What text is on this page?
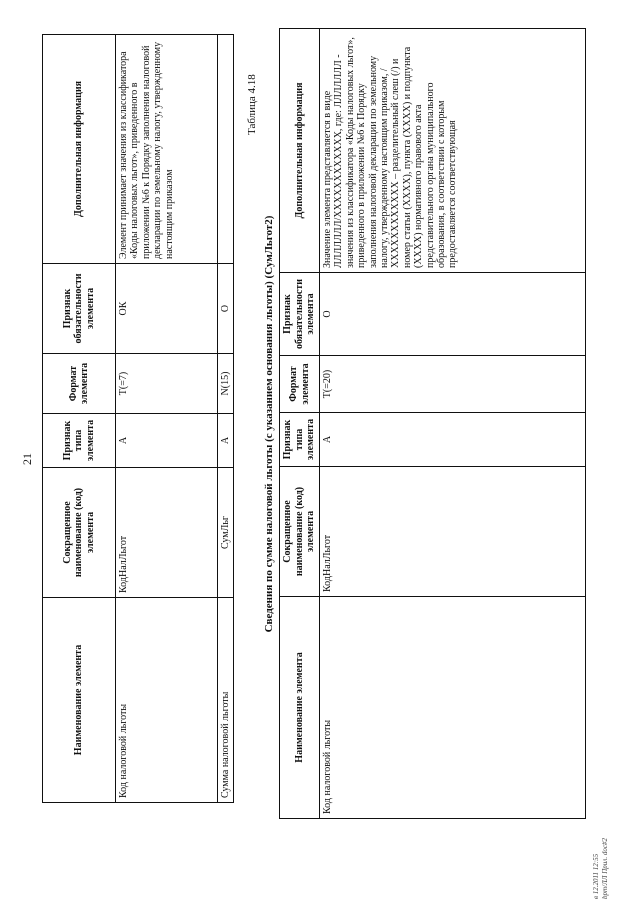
21
Наименование элемента	Сокращенное наименование (код) элемента	Признак типа элемента	Формат элемента	Признак обязательности элемента	Дополнительная информация
Код налоговой льготы	КодНалЛьгот	А	Т(=7)	ОК	Элемент принимает значения из классификатора «Коды налоговых льгот», приведенного в приложении №6 к Порядку заполнения налоговой декларации по земельному налогу, утвержденному настоящим приказом
Сумма налоговой льготы	СумЛьг	А	N(15)	О	
Таблица 4.18
Сведения по сумме налоговой льготы (с указанием основания льготы) (СумЛьгот2)
Наименование элемента	Сокращенное наименование (код) элемента	Признак типа элемента	Формат элемента	Признак обязательности элемента	Дополнительная информация
Код налоговой льготы	КодНалЛьгот	А	Т(=20)	О	Значение элемента представляется в виде ЛЛЛЛЛЛЛ/XXXXXXXXXXXX, где: ЛЛЛЛЛЛЛ - значения из классификатора «Коды налоговых льгот», приведенного в приложении №6 к Порядку заполнения налоговой декларации по земельному налогу, утвержденному настоящим приказом, / XXXXXXXXXXXX – разделительный слеш (/) и номер статьи (XXXX), пункта (XXXX) и подпункта (XXXX) нормативного правового акта представительного органа муниципального образования, в соответствии с которым предоставляется соответствующая
в 12.2011 12:55 bpm/ЛЛ Прил. doc#2
